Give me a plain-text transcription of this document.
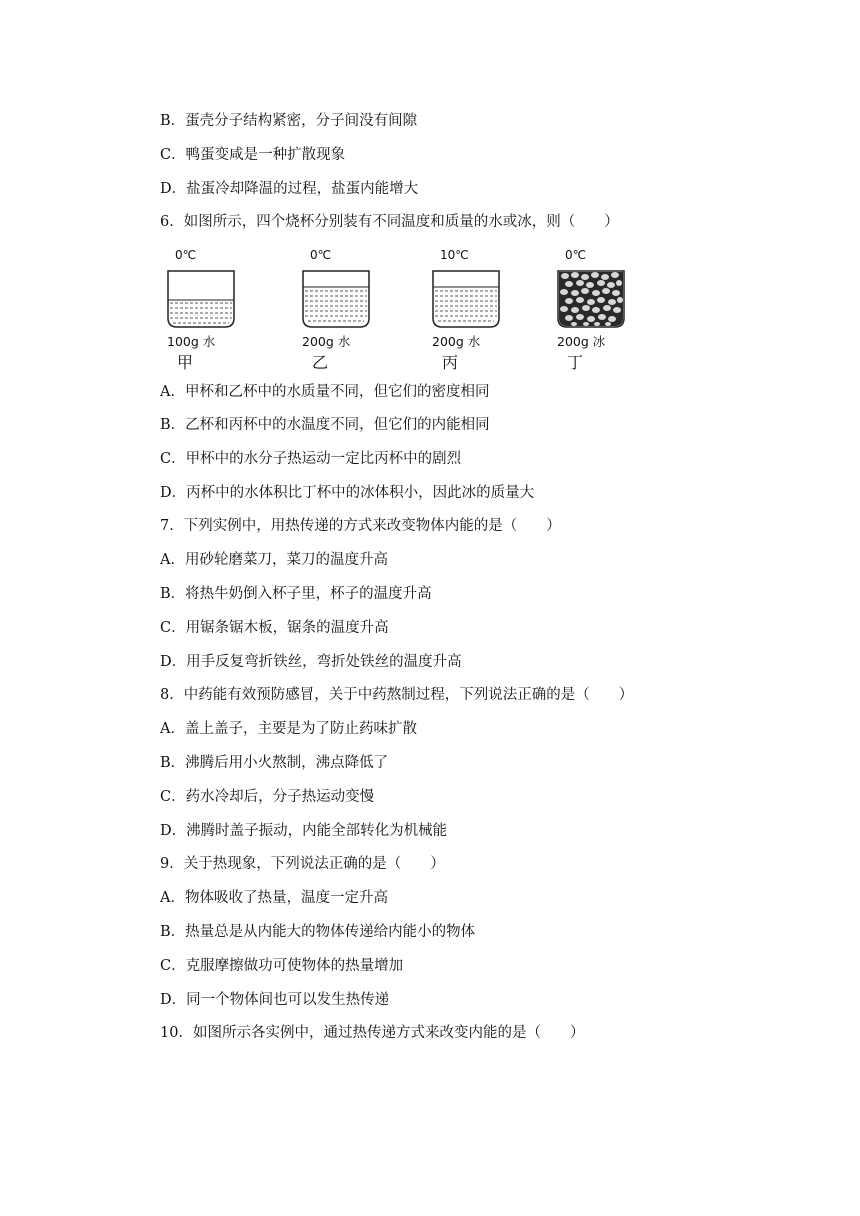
B．蛋壳分子结构紧密，分子间没有间隙
C．鸭蛋变咸是一种扩散现象
D．盐蛋冷却降温的过程，盐蛋内能增大
6．如图所示，四个烧杯分别装有不同温度和质量的水或冰，则（　　）
0℃
100g 水
甲
0℃
200g 水
乙
10℃
200g 水
丙
0℃
200g 冰
丁
A．甲杯和乙杯中的水质量不同，但它们的密度相同
B．乙杯和丙杯中的水温度不同，但它们的内能相同
C．甲杯中的水分子热运动一定比丙杯中的剧烈
D．丙杯中的水体积比丁杯中的冰体积小，因此冰的质量大
7．下列实例中，用热传递的方式来改变物体内能的是（　　）
A．用砂轮磨菜刀，菜刀的温度升高
B．将热牛奶倒入杯子里，杯子的温度升高
C．用锯条锯木板，锯条的温度升高
D．用手反复弯折铁丝，弯折处铁丝的温度升高
8．中药能有效预防感冒，关于中药熬制过程，下列说法正确的是（　　）
A．盖上盖子，主要是为了防止药味扩散
B．沸腾后用小火熬制，沸点降低了
C．药水冷却后，分子热运动变慢
D．沸腾时盖子振动，内能全部转化为机械能
9．关于热现象，下列说法正确的是（　　）
A．物体吸收了热量，温度一定升高
B．热量总是从内能大的物体传递给内能小的物体
C．克服摩擦做功可使物体的热量增加
D．同一个物体间也可以发生热传递
10．如图所示各实例中，通过热传递方式来改变内能的是（　　）
